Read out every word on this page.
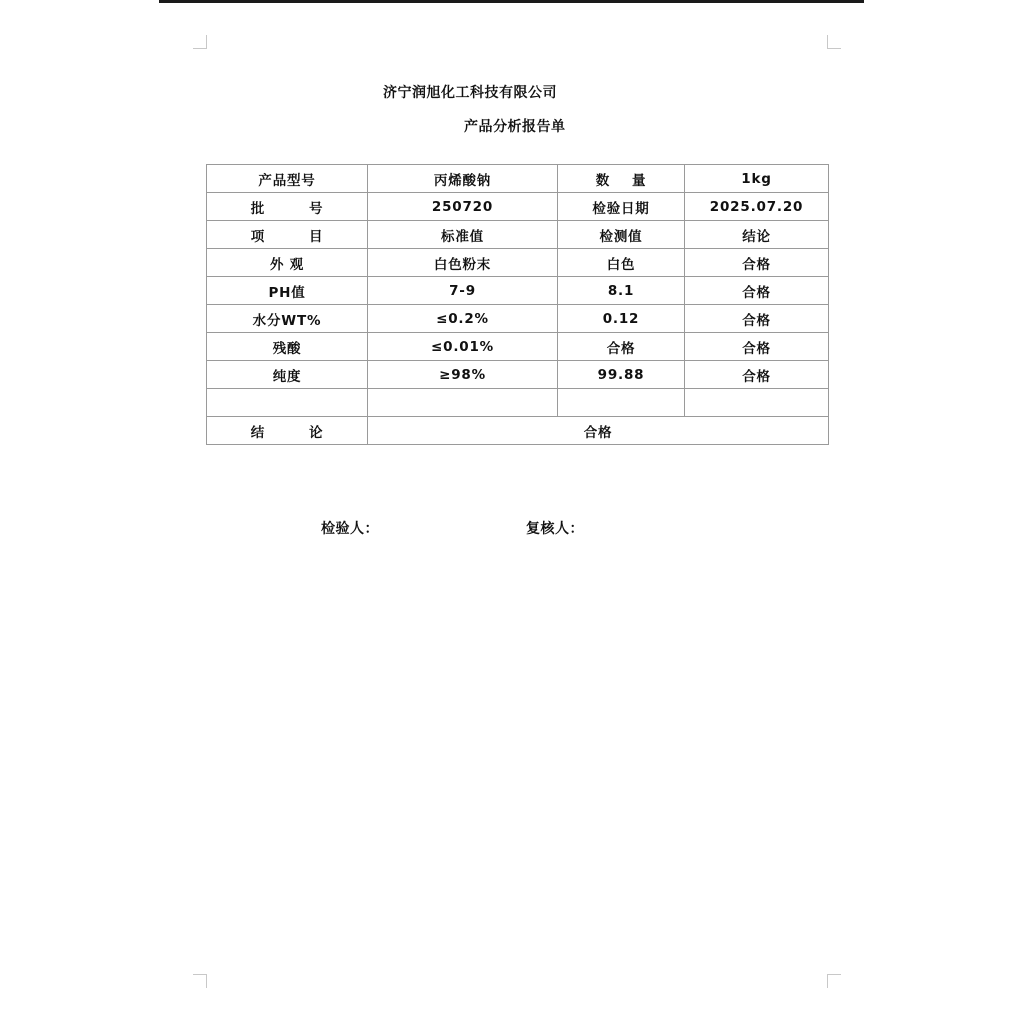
济宁润旭化工科技有限公司
产品分析报告单
产品型号	丙烯酸钠	数    量	1kg
批        号	250720	检验日期	2025.07.20
项        目	标准值	检测值	结论
外 观	白色粉末	白色	合格
PH值	7-9	8.1	合格
水分WT%	≤0.2%	0.12	合格
残酸	≤0.01%	合格	合格
纯度	≥98%	99.88	合格

结        论	合格		
检验人：	复核人：
